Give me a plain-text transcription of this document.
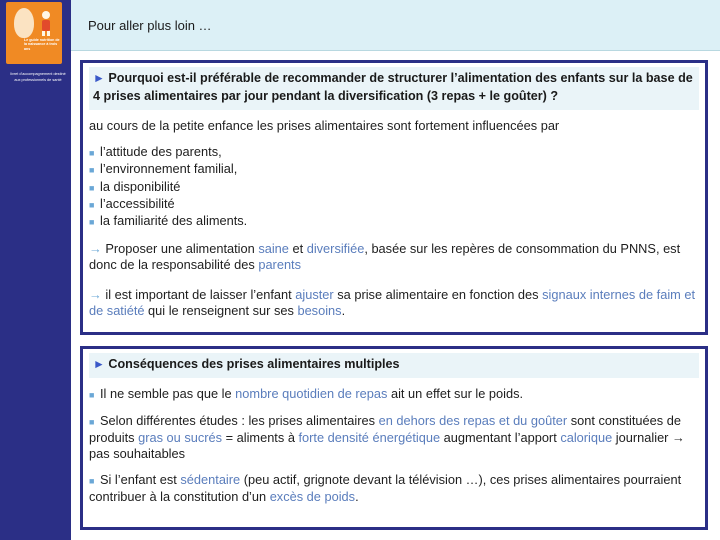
Le guide nutrition de la naissance à trois ans
livret d'accompagnement destiné aux professionnels de santé
Pour aller plus loin …
► Pourquoi est-il préférable de recommander de structurer l’alimentation des enfants sur la base de 4 prises alimentaires par jour pendant la diversification (3 repas + le goûter) ?

au cours de la petite enfance les prises alimentaires sont fortement influencées par

■ l’attitude des parents,
■ l’environnement familial,
■ la disponibilité
■ l’accessibilité
■ la familiarité des aliments.

→ Proposer une alimentation saine et diversifiée, basée sur les repères de consommation du PNNS, est donc de la responsabilité des parents

→ il est important de laisser l’enfant ajuster sa prise alimentaire en fonction des signaux internes de faim et de satiété qui le renseignent sur ses besoins.

► Conséquences des prises alimentaires multiples

■ Il ne semble pas que le nombre quotidien de repas ait un effet sur le poids.

■ Selon différentes études : les prises alimentaires en dehors des repas et du goûter sont constituées de produits gras ou sucrés = aliments à forte densité énergétique augmentant l’apport calorique journalier → pas souhaitables

■ Si l’enfant est sédentaire (peu actif, grignote devant la télévision …), ces prises alimentaires pourraient contribuer à la constitution d’un excès de poids.
